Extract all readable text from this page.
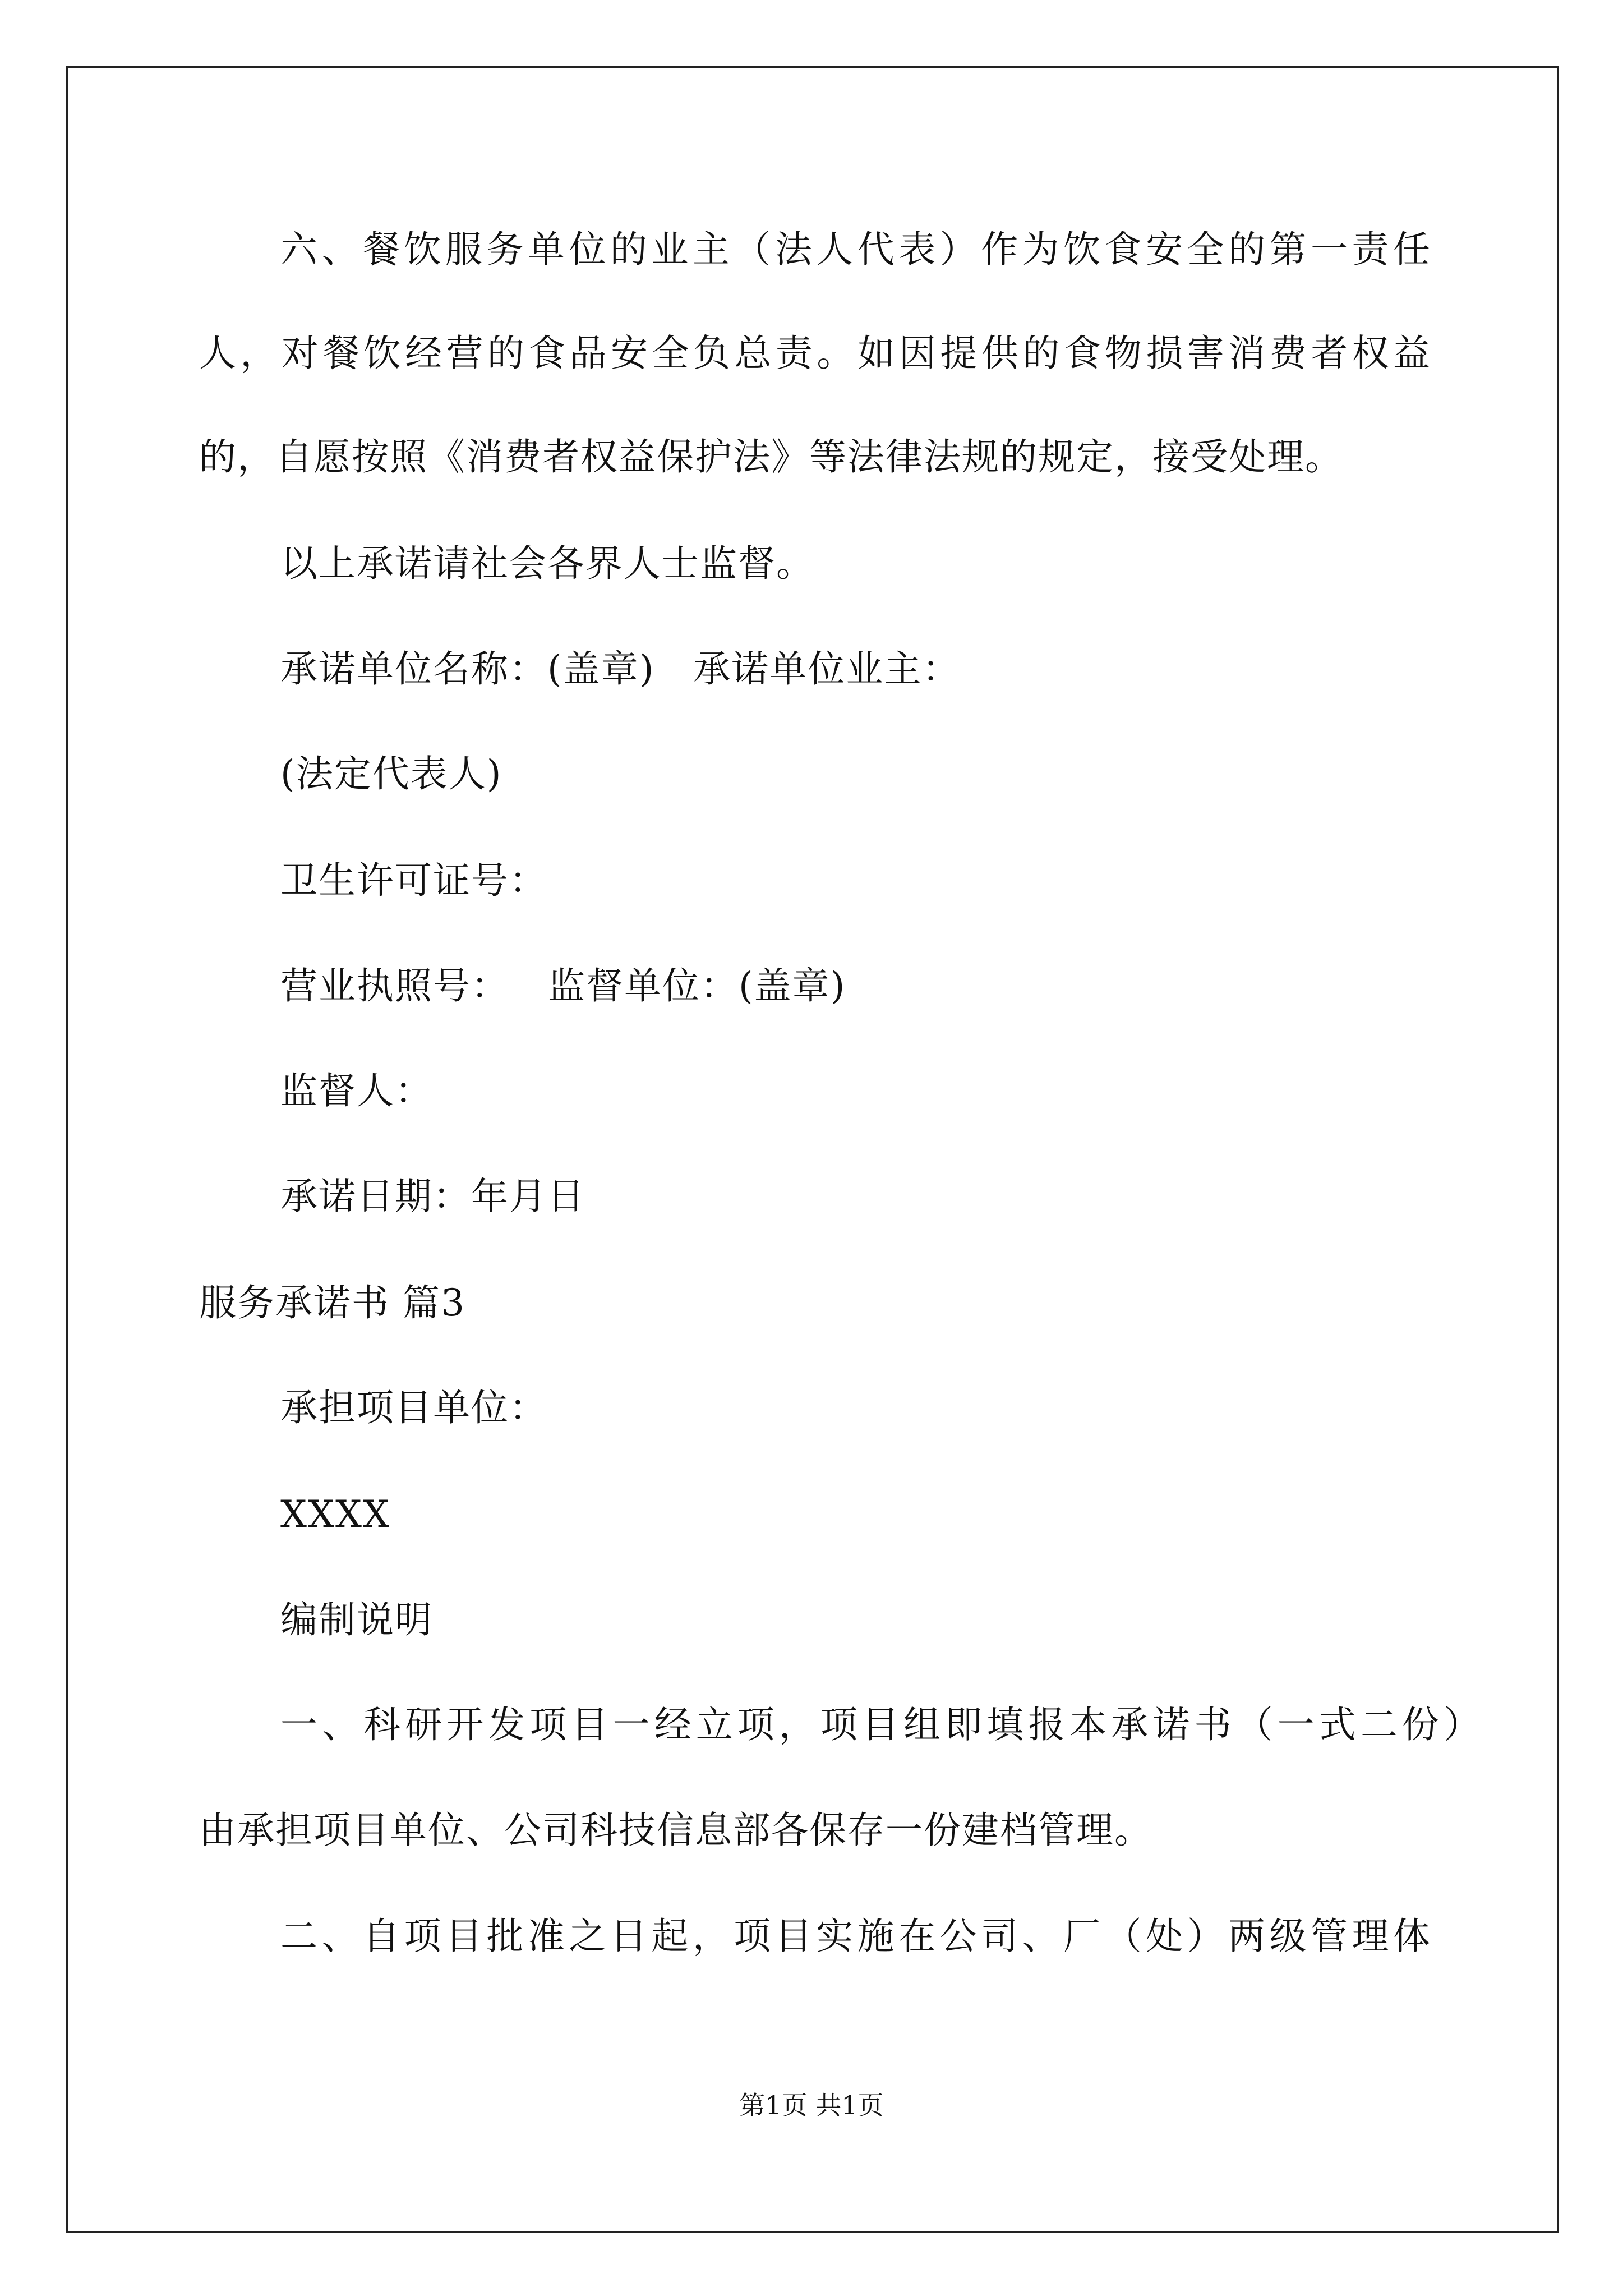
六、餐饮服务单位的业主（法人代表）作为饮食安全的第一责任
人，对餐饮经营的食品安全负总责。如因提供的食物损害消费者权益
的，自愿按照《消费者权益保护法》等法律法规的规定，接受处理。
以上承诺请社会各界人士监督。
承诺单位名称：(盖章)   承诺单位业主：
(法定代表人)
卫生许可证号：
营业执照号：   监督单位：(盖章)
监督人：
承诺日期：年月日
服务承诺书 篇3
承担项目单位：
XXXX
编制说明
一、科研开发项目一经立项，项目组即填报本承诺书（一式二份）
由承担项目单位、公司科技信息部各保存一份建档管理。
二、自项目批准之日起，项目实施在公司、厂（处）两级管理体
第1页 共1页
